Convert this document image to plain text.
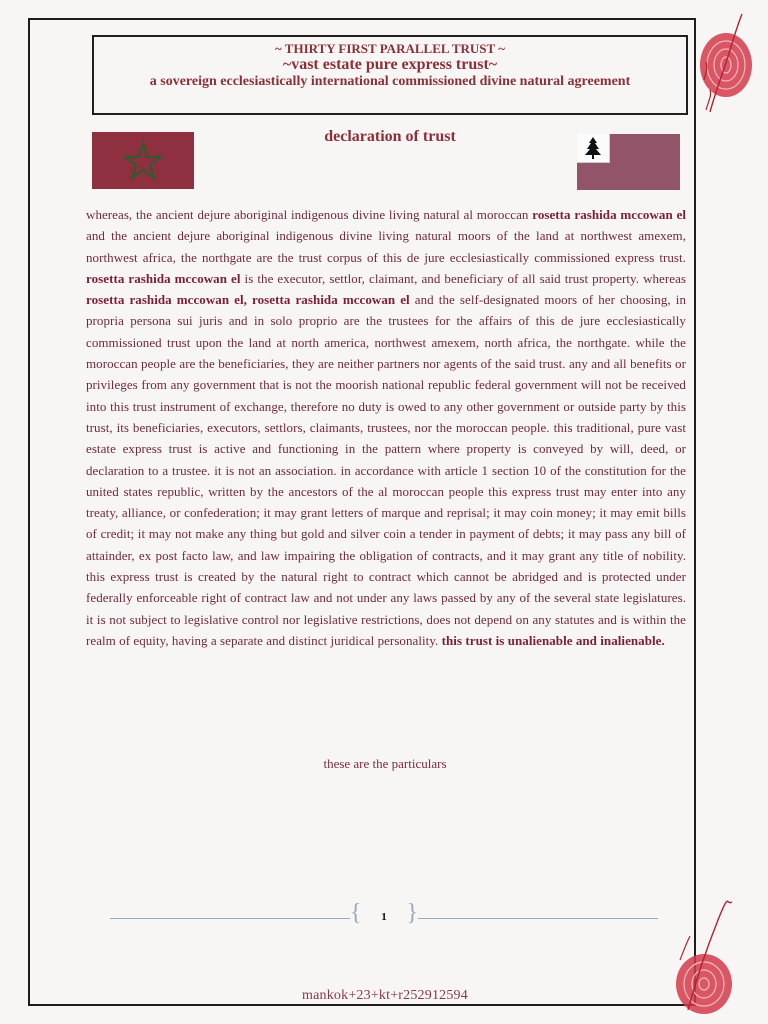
~ THIRTY FIRST PARALLEL TRUST ~
~vast estate pure express trust~
a sovereign ecclesiastically international commissioned divine natural agreement
declaration of trust
whereas, the ancient dejure aboriginal indigenous divine living natural al moroccan rosetta rashida mccowan el and the ancient dejure aboriginal indigenous divine living natural moors of the land at northwest amexem, northwest africa, the northgate are the trust corpus of this de jure ecclesiastically commissioned express trust. rosetta rashida mccowan el is the executor, settlor, claimant, and beneficiary of all said trust property. whereas rosetta rashida mccowan el, rosetta rashida mccowan el and the self-designated moors of her choosing, in propria persona sui juris and in solo proprio are the trustees for the affairs of this de jure ecclesiastically commissioned trust upon the land at north america, northwest amexem, north africa, the northgate. while the moroccan people are the beneficiaries, they are neither partners nor agents of the said trust. any and all benefits or privileges from any government that is not the moorish national republic federal government will not be received into this trust instrument of exchange, therefore no duty is owed to any other government or outside party by this trust, its beneficiaries, executors, settlors, claimants, trustees, nor the moroccan people. this traditional, pure vast estate express trust is active and functioning in the pattern where property is conveyed by will, deed, or declaration to a trustee. it is not an association. in accordance with article 1 section 10 of the constitution for the united states republic, written by the ancestors of the al moroccan people this express trust may enter into any treaty, alliance, or confederation; it may grant letters of marque and reprisal; it may coin money; it may emit bills of credit; it may not make any thing but gold and silver coin a tender in payment of debts; it may pass any bill of attainder, ex post facto law, and law impairing the obligation of contracts, and it may grant any title of nobility. this express trust is created by the natural right to contract which cannot be abridged and is protected under federally enforceable right of contract law and not under any laws passed by any of the several state legislatures. it is not subject to legislative control nor legislative restrictions, does not depend on any statutes and is within the realm of equity, having a separate and distinct juridical personality. this trust is unalienable and inalienable.
these are the particulars
{	1 }
mankok+23+kt+r252912594
